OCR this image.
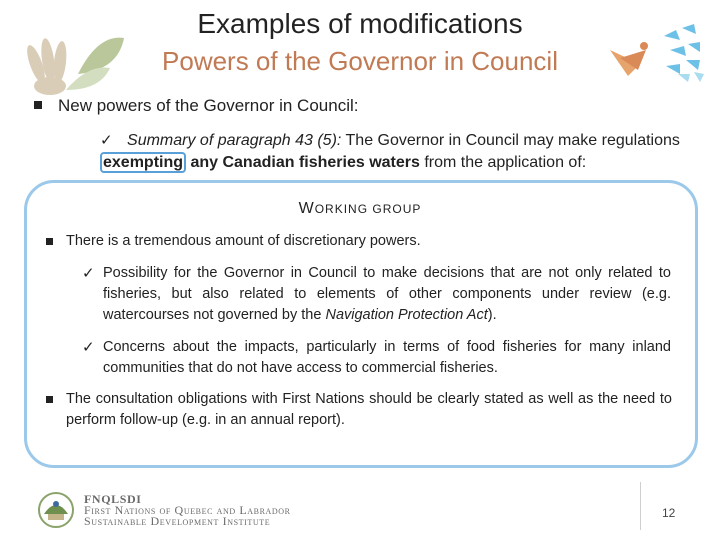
Examples of modifications
Powers of the Governor in Council
New powers of the Governor in Council:
✓ Summary of paragraph 43 (5): The Governor in Council may make regulations
exempting any Canadian fisheries waters from the application of:
WORKING GROUP
There is a tremendous amount of discretionary powers.
✓ Possibility for the Governor in Council to make decisions that are not only related to fisheries, but also related to elements of other components under review (e.g. watercourses not governed by the Navigation Protection Act).
✓ Concerns about the impacts, particularly in terms of food fisheries for many inland communities that do not have access to commercial fisheries.
The consultation obligations with First Nations should be clearly stated as well as the need to perform follow-up (e.g. in an annual report).
FNQLSDI
First Nations of Quebec and Labrador
Sustainable Development Institute
12
